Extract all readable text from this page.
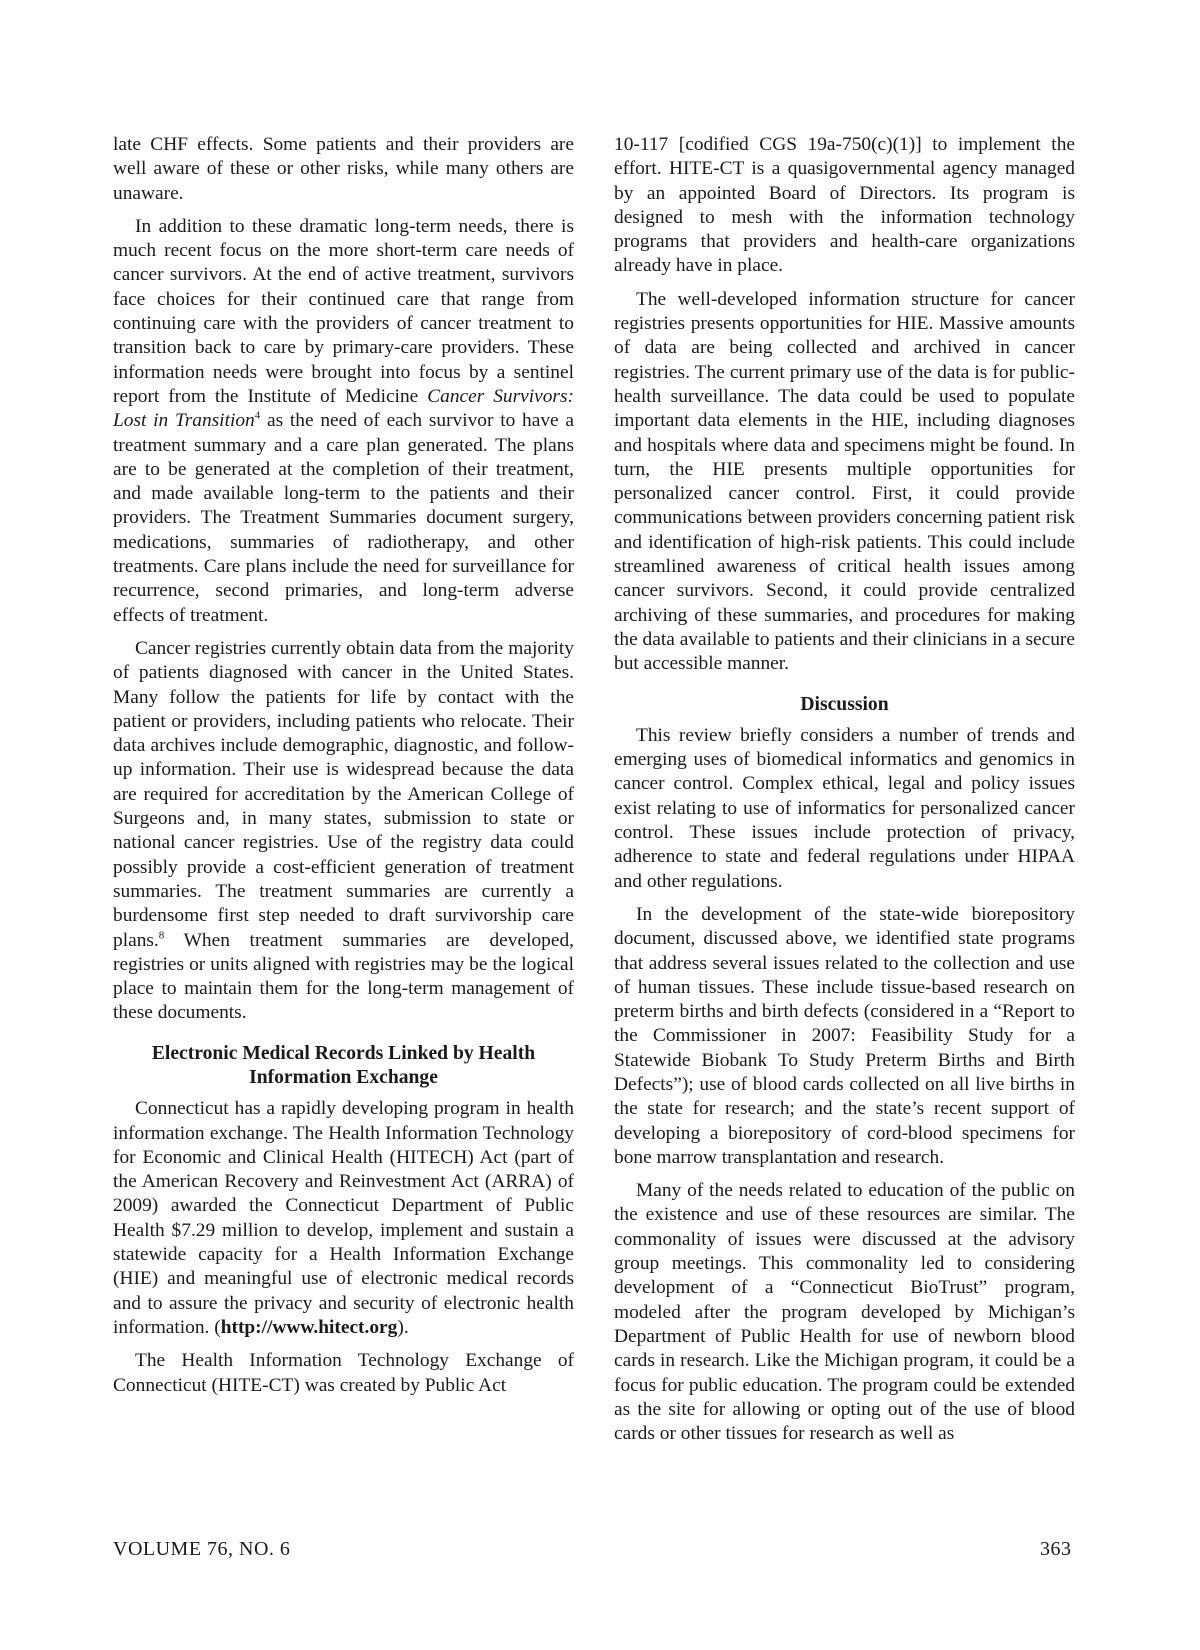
late CHF effects. Some patients and their providers are well aware of these or other risks, while many others are unaware.

In addition to these dramatic long-term needs, there is much recent focus on the more short-term care needs of cancer survivors. At the end of active treatment, survivors face choices for their continued care that range from continuing care with the providers of cancer treatment to transition back to care by primary-care providers. These information needs were brought into focus by a sentinel report from the Institute of Medicine Cancer Survivors: Lost in Transition$^4$ as the need of each survivor to have a treatment summary and a care plan generated. The plans are to be generated at the completion of their treatment, and made available long-term to the patients and their providers. The Treatment Summaries document surgery, medications, summaries of radiotherapy, and other treatments. Care plans include the need for surveillance for recurrence, second primaries, and long-term adverse effects of treatment.

Cancer registries currently obtain data from the majority of patients diagnosed with cancer in the United States. Many follow the patients for life by contact with the patient or providers, including patients who relocate. Their data archives include demographic, diagnostic, and follow-up information. Their use is widespread because the data are required for accreditation by the American College of Surgeons and, in many states, submission to state or national cancer registries. Use of the registry data could possibly provide a cost-efficient generation of treatment summaries. The treatment summaries are currently a burdensome first step needed to draft survivorship care plans.$^8$ When treatment summaries are developed, registries or units aligned with registries may be the logical place to maintain them for the long-term management of these documents.

Electronic Medical Records Linked by Health Information Exchange

Connecticut has a rapidly developing program in health information exchange. The Health Information Technology for Economic and Clinical Health (HITECH) Act (part of the American Recovery and Reinvestment Act (ARRA) of 2009) awarded the Connecticut Department of Public Health $7.29 million to develop, implement and sustain a statewide capacity for a Health Information Exchange (HIE) and meaningful use of electronic medical records and to assure the privacy and security of electronic health information. (http://www.hitect.org).

The Health Information Technology Exchange of Connecticut (HITE-CT) was created by Public Act

10-117 [codified CGS 19a-750(c)(1)] to implement the effort. HITE-CT is a quasigovernmental agency managed by an appointed Board of Directors. Its program is designed to mesh with the information technology programs that providers and health-care organizations already have in place.

The well-developed information structure for cancer registries presents opportunities for HIE. Massive amounts of data are being collected and archived in cancer registries. The current primary use of the data is for public-health surveillance. The data could be used to populate important data elements in the HIE, including diagnoses and hospitals where data and specimens might be found. In turn, the HIE presents multiple opportunities for personalized cancer control. First, it could provide communications between providers concerning patient risk and identification of high-risk patients. This could include streamlined awareness of critical health issues among cancer survivors. Second, it could provide centralized archiving of these summaries, and procedures for making the data available to patients and their clinicians in a secure but accessible manner.

Discussion

This review briefly considers a number of trends and emerging uses of biomedical informatics and genomics in cancer control. Complex ethical, legal and policy issues exist relating to use of informatics for personalized cancer control. These issues include protection of privacy, adherence to state and federal regulations under HIPAA and other regulations.

In the development of the state-wide biorepository document, discussed above, we identified state programs that address several issues related to the collection and use of human tissues. These include tissue-based research on preterm births and birth defects (considered in a “Report to the Commissioner in 2007: Feasibility Study for a Statewide Biobank To Study Preterm Births and Birth Defects”); use of blood cards collected on all live births in the state for research; and the state’s recent support of developing a biorepository of cord-blood specimens for bone marrow transplantation and research.

Many of the needs related to education of the public on the existence and use of these resources are similar. The commonality of issues were discussed at the advisory group meetings. This commonality led to considering development of a “Connecticut BioTrust” program, modeled after the program developed by Michigan’s Department of Public Health for use of newborn blood cards in research. Like the Michigan program, it could be a focus for public education. The program could be extended as the site for allowing or opting out of the use of blood cards or other tissues for research as well as

VOLUME 76, NO. 6	363
